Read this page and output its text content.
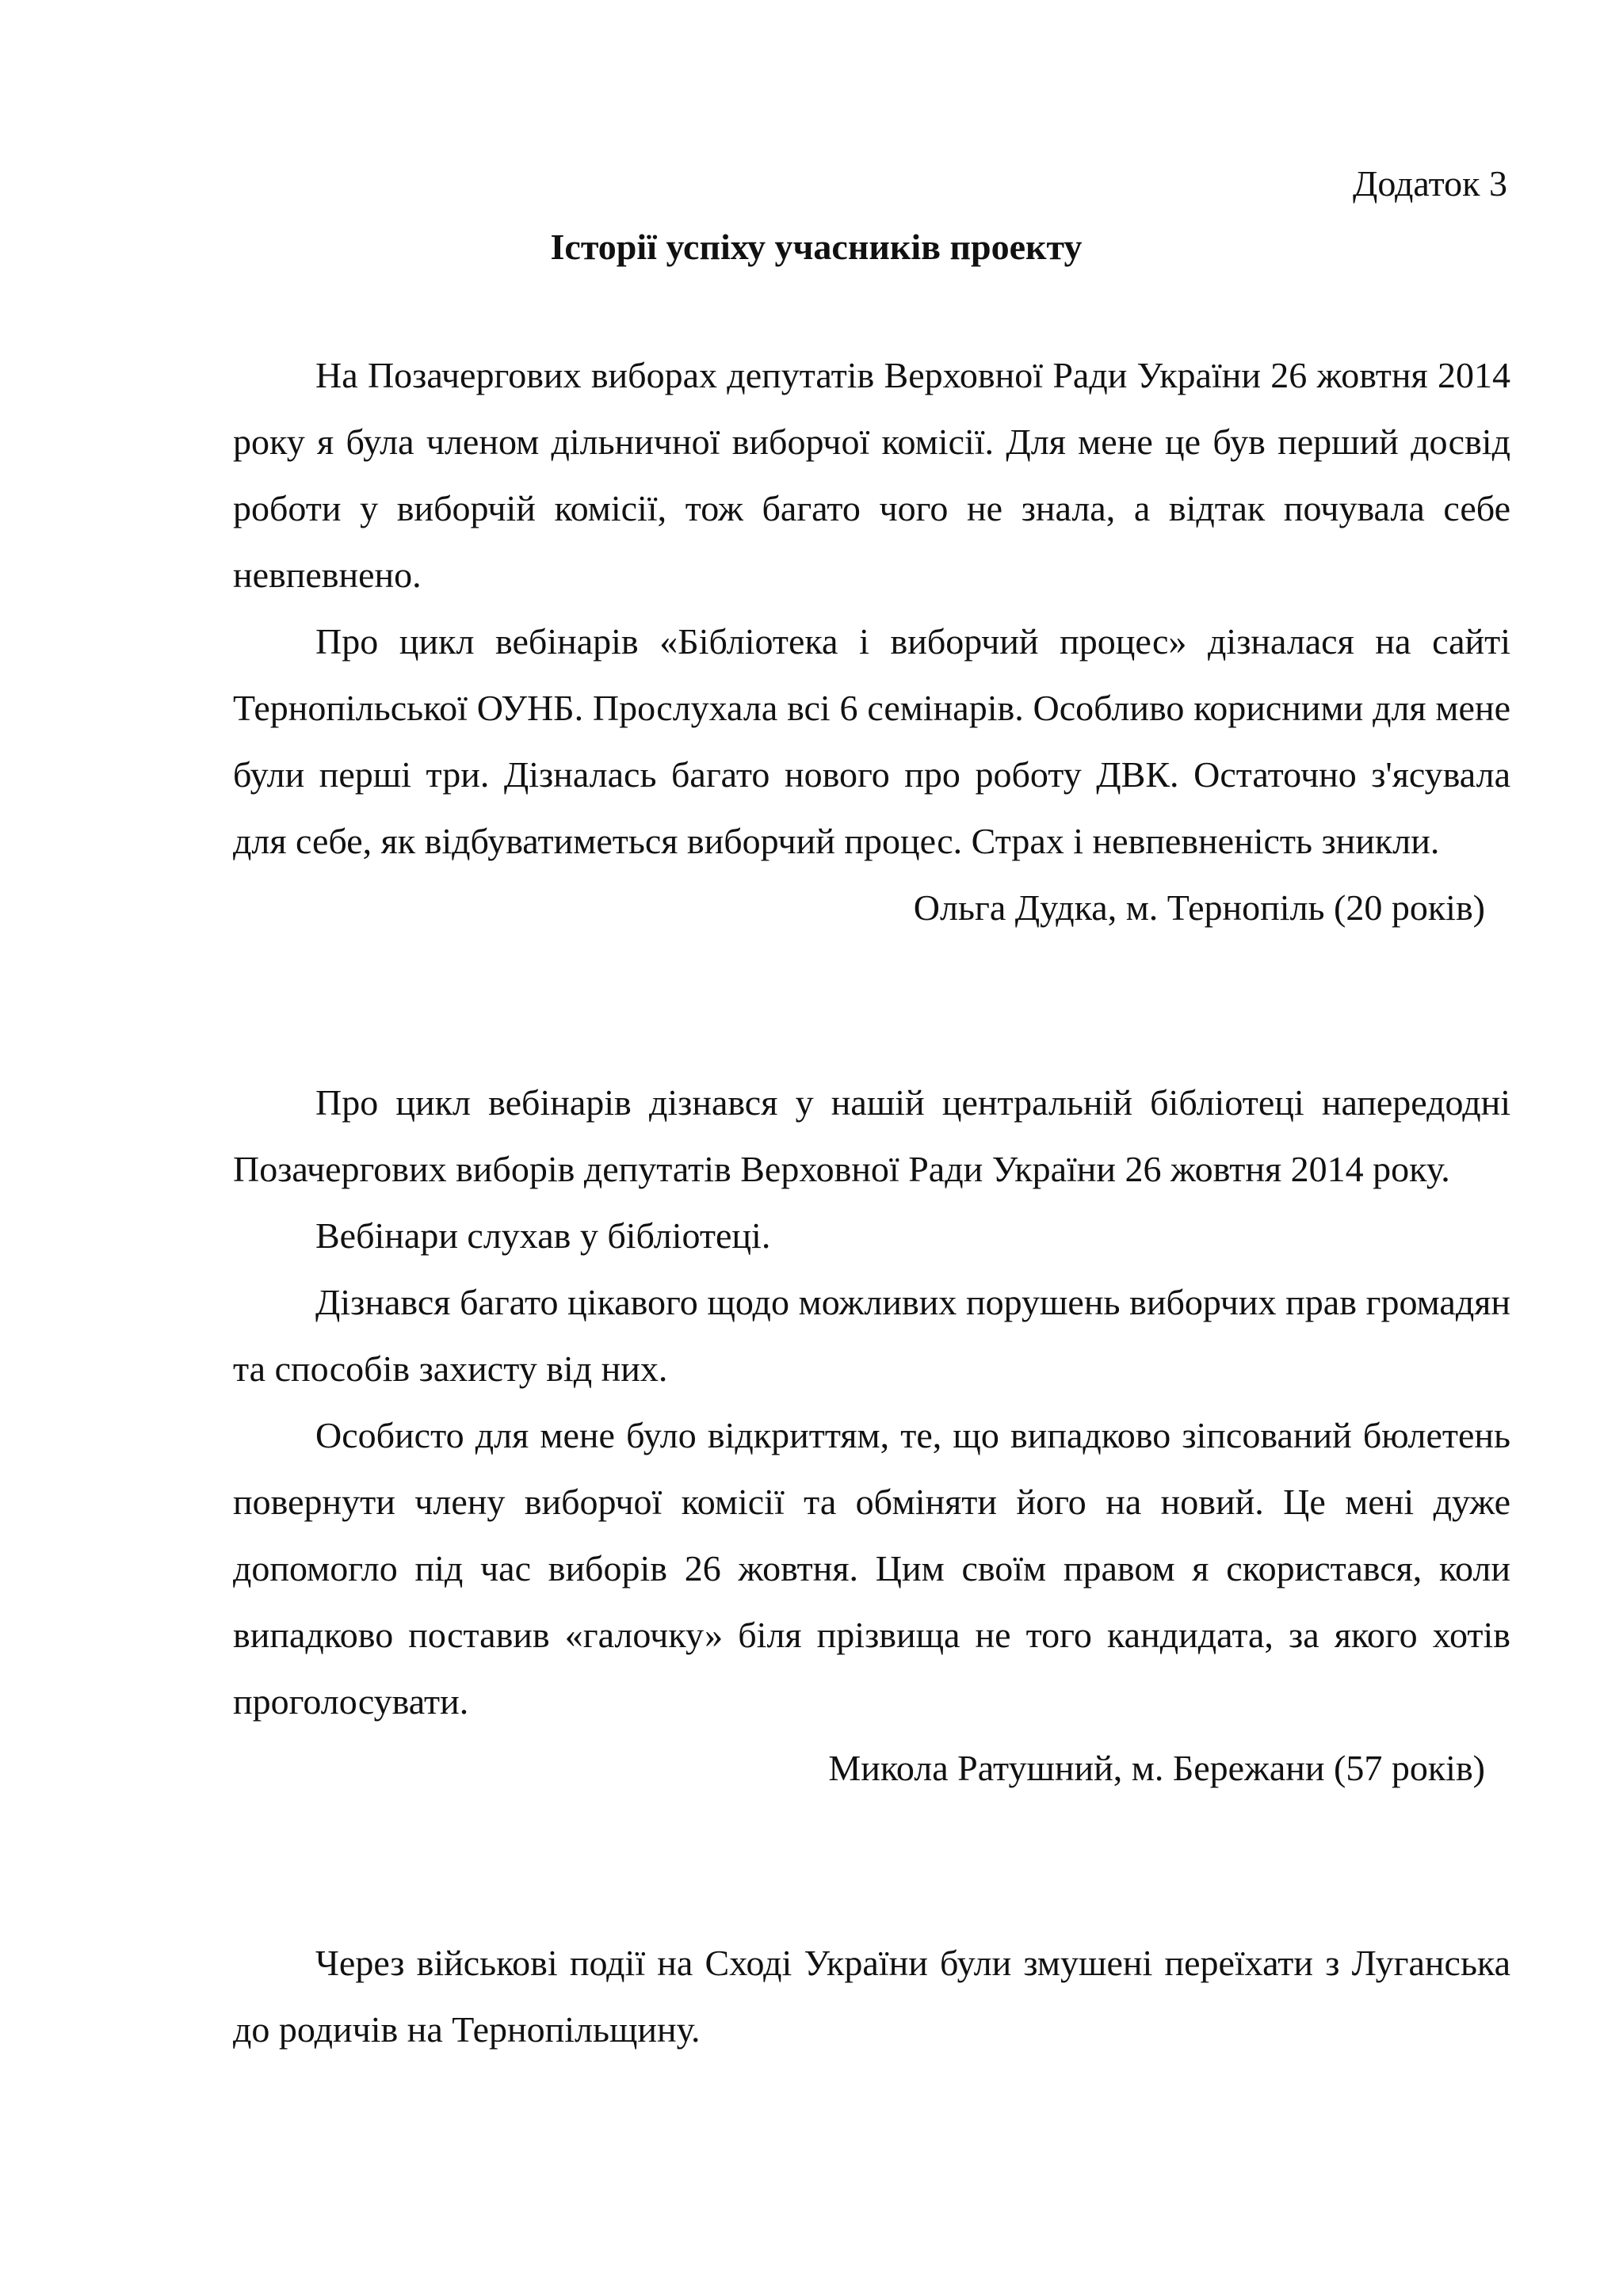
Додаток 3

Історії успіху учасників проекту

На Позачергових виборах депутатів Верховної Ради України 26 жовтня 2014 року я була членом дільничної виборчої комісії. Для мене це був перший досвід роботи у виборчій комісії, тож багато чого не знала, а відтак почувала себе невпевнено.

Про цикл вебінарів «Бібліотека і виборчий процес» дізналася на сайті Тернопільської ОУНБ. Прослухала всі 6 семінарів. Особливо корисними для мене були перші три. Дізналась багато нового про роботу ДВК. Остаточно з'ясувала для себе, як відбуватиметься виборчий процес. Страх і невпевненість зникли.

Ольга Дудка, м. Тернопіль (20 років)

Про цикл вебінарів дізнався у нашій центральній бібліотеці напередодні Позачергових виборів депутатів Верховної Ради України 26 жовтня 2014 року.

Вебінари слухав у бібліотеці.

Дізнався багато цікавого щодо можливих порушень виборчих прав громадян та способів захисту від них.

Особисто для мене було відкриттям, те, що випадково зіпсований бюлетень повернути члену виборчої комісії та обміняти його на новий. Це мені дуже допомогло під час виборів 26 жовтня. Цим своїм правом я скористався, коли випадково поставив «галочку» біля прізвища не того кандидата, за якого хотів проголосувати.

Микола Ратушний, м. Бережани (57 років)

Через військові події на Сході України були змушені переїхати з Луганська до родичів на Тернопільщину.
